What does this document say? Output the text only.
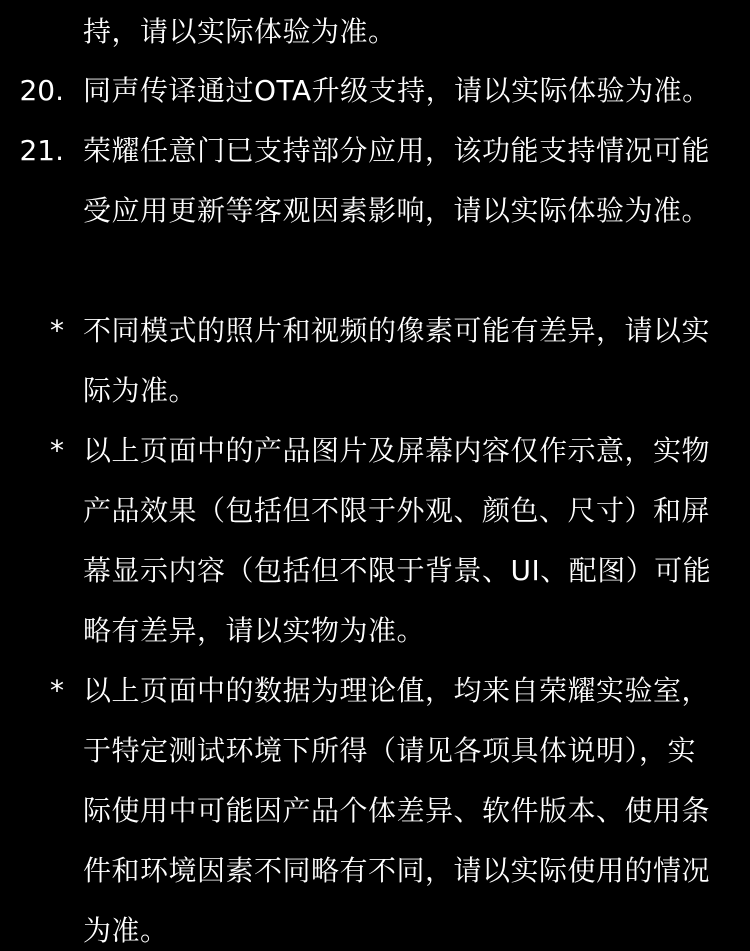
持，请以实际体验为准。
20. 同声传译通过OTA升级支持，请以实际体验为准。
21. 荣耀任意门已支持部分应用，该功能支持情况可能
受应用更新等客观因素影响，请以实际体验为准。
* 不同模式的照片和视频的像素可能有差异，请以实
际为准。
* 以上页面中的产品图片及屏幕内容仅作示意，实物
产品效果（包括但不限于外观、颜色、尺寸）和屏
幕显示内容（包括但不限于背景、UI、配图）可能
略有差异，请以实物为准。
* 以上页面中的数据为理论值，均来自荣耀实验室，
于特定测试环境下所得（请见各项具体说明），实
际使用中可能因产品个体差异、软件版本、使用条
件和环境因素不同略有不同，请以实际使用的情况
为准。
